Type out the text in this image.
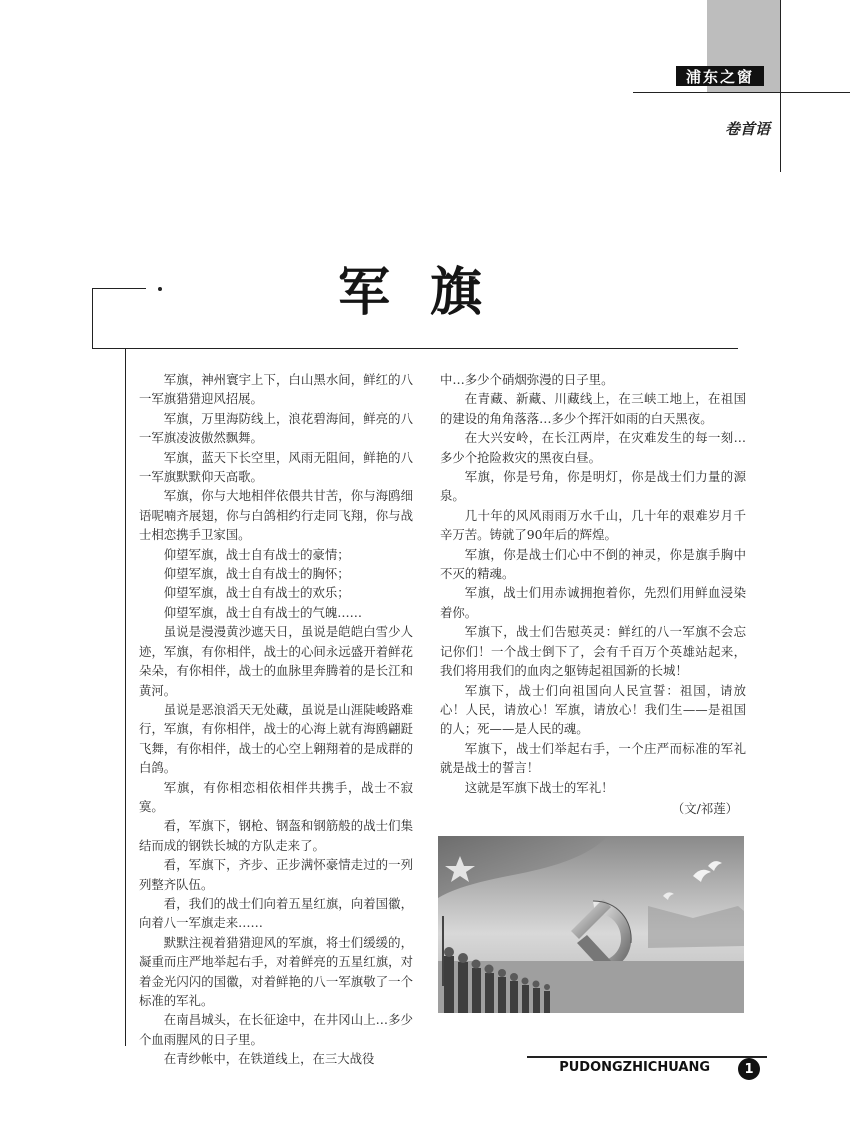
浦东之窗
卷首语
军旗

军旗，神州寰宇上下，白山黑水间，鲜红的八一军旗猎猎迎风招展。

军旗，万里海防线上，浪花碧海间，鲜亮的八一军旗凌波傲然飘舞。

军旗，蓝天下长空里，风雨无阻间，鲜艳的八一军旗默默仰天高歌。

军旗，你与大地相伴依偎共甘苦，你与海鸥细语呢喃齐展翅，你与白鸽相约行走同飞翔，你与战士相恋携手卫家国。

仰望军旗，战士自有战士的豪情；

仰望军旗，战士自有战士的胸怀；

仰望军旗，战士自有战士的欢乐；

仰望军旗，战士自有战士的气魄……

虽说是漫漫黄沙遮天日，虽说是皑皑白雪少人迹，军旗，有你相伴，战士的心间永远盛开着鲜花朵朵，有你相伴，战士的血脉里奔腾着的是长江和黄河。

虽说是恶浪滔天无处藏，虽说是山涯陡峻路难行，军旗，有你相伴，战士的心海上就有海鸥翩跹飞舞，有你相伴，战士的心空上翱翔着的是成群的白鸽。

军旗，有你相恋相依相伴共携手，战士不寂寞。

看，军旗下，钢枪、钢盔和钢筋般的战士们集结而成的钢铁长城的方队走来了。

看，军旗下，齐步、正步满怀豪情走过的一列列整齐队伍。

看，我们的战士们向着五星红旗，向着国徽，向着八一军旗走来……

默默注视着猎猎迎风的军旗，将士们缓缓的，凝重而庄严地举起右手，对着鲜亮的五星红旗，对着金光闪闪的国徽，对着鲜艳的八一军旗敬了一个标准的军礼。

在南昌城头，在长征途中，在井冈山上…多少个血雨腥风的日子里。

在青纱帐中，在铁道线上，在三大战役

中…多少个硝烟弥漫的日子里。

在青藏、新藏、川藏线上，在三峡工地上，在祖国的建设的角角落落…多少个挥汗如雨的白天黑夜。

在大兴安岭，在长江两岸，在灾难发生的每一刻…多少个抢险救灾的黑夜白昼。

军旗，你是号角，你是明灯，你是战士们力量的源泉。

几十年的风风雨雨万水千山，几十年的艰难岁月千辛万苦。铸就了90年后的辉煌。

军旗，你是战士们心中不倒的神灵，你是旗手胸中不灭的精魂。

军旗，战士们用赤诚拥抱着你，先烈们用鲜血浸染着你。

军旗下，战士们告慰英灵：鲜红的八一军旗不会忘记你们！一个战士倒下了，会有千百万个英雄站起来，我们将用我们的血肉之躯铸起祖国新的长城！

军旗下，战士们向祖国向人民宣誓：祖国，请放心！人民，请放心！军旗，请放心！我们生——是祖国的人；死——是人民的魂。

军旗下，战士们举起右手，一个庄严而标准的军礼就是战士的誓言！

这就是军旗下战士的军礼！

（文/祁莲）

PUDONGZHICHUANG	1
